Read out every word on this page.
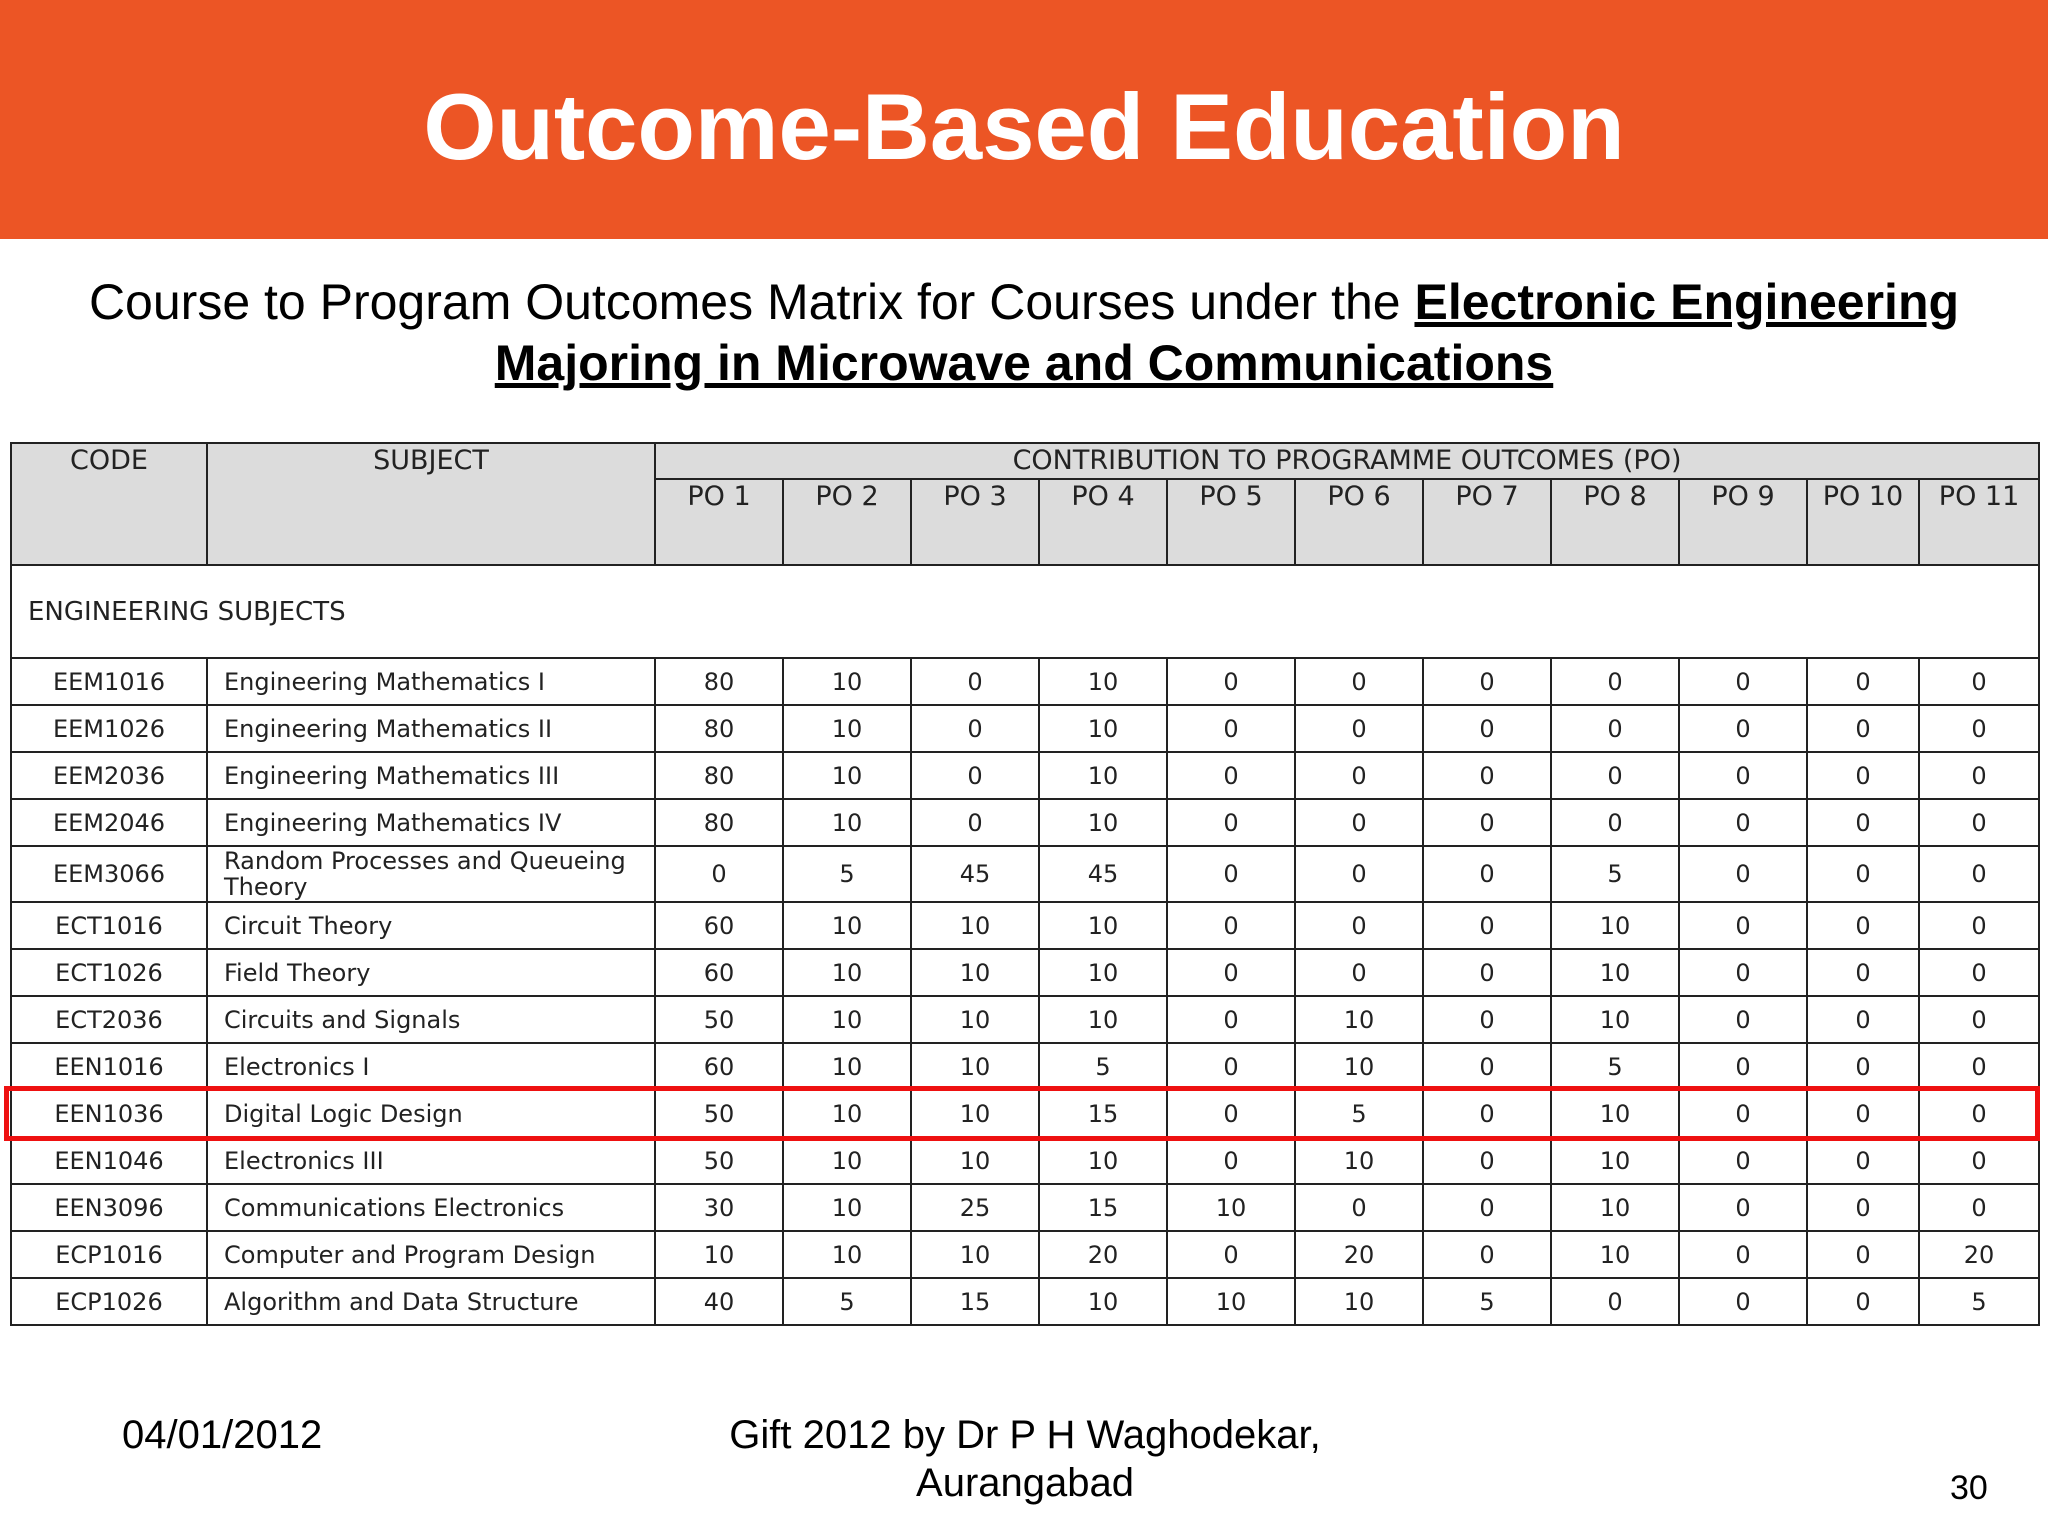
Outcome-Based Education
Course to Program Outcomes Matrix for Courses under the Electronic Engineering Majoring in Microwave and Communications
CODE	SUBJECT	CONTRIBUTION TO PROGRAMME OUTCOMES (PO)										
		PO 1	PO 2	PO 3	PO 4	PO 5	PO 6	PO 7	PO 8	PO 9	PO 10	PO 11
ENGINEERING SUBJECTS												
EEM1016	Engineering Mathematics I	80	10	0	10	0	0	0	0	0	0	0
EEM1026	Engineering Mathematics II	80	10	0	10	0	0	0	0	0	0	0
EEM2036	Engineering Mathematics III	80	10	0	10	0	0	0	0	0	0	0
EEM2046	Engineering Mathematics IV	80	10	0	10	0	0	0	0	0	0	0
EEM3066	Random Processes and Queueing Theory	0	5	45	45	0	0	0	5	0	0	0
ECT1016	Circuit Theory	60	10	10	10	0	0	0	10	0	0	0
ECT1026	Field Theory	60	10	10	10	0	0	0	10	0	0	0
ECT2036	Circuits and Signals	50	10	10	10	0	10	0	10	0	0	0
EEN1016	Electronics I	60	10	10	5	0	10	0	5	0	0	0
EEN1036	Digital Logic Design	50	10	10	15	0	5	0	10	0	0	0
EEN1046	Electronics III	50	10	10	10	0	10	0	10	0	0	0
EEN3096	Communications Electronics	30	10	25	15	10	0	0	10	0	0	0
ECP1016	Computer and Program Design	10	10	10	20	0	20	0	10	0	0	20
ECP1026	Algorithm and Data Structure	40	5	15	10	10	10	5	0	0	0	5
04/01/2012	Gift 2012 by Dr P H Waghodekar,
Aurangabad	30
